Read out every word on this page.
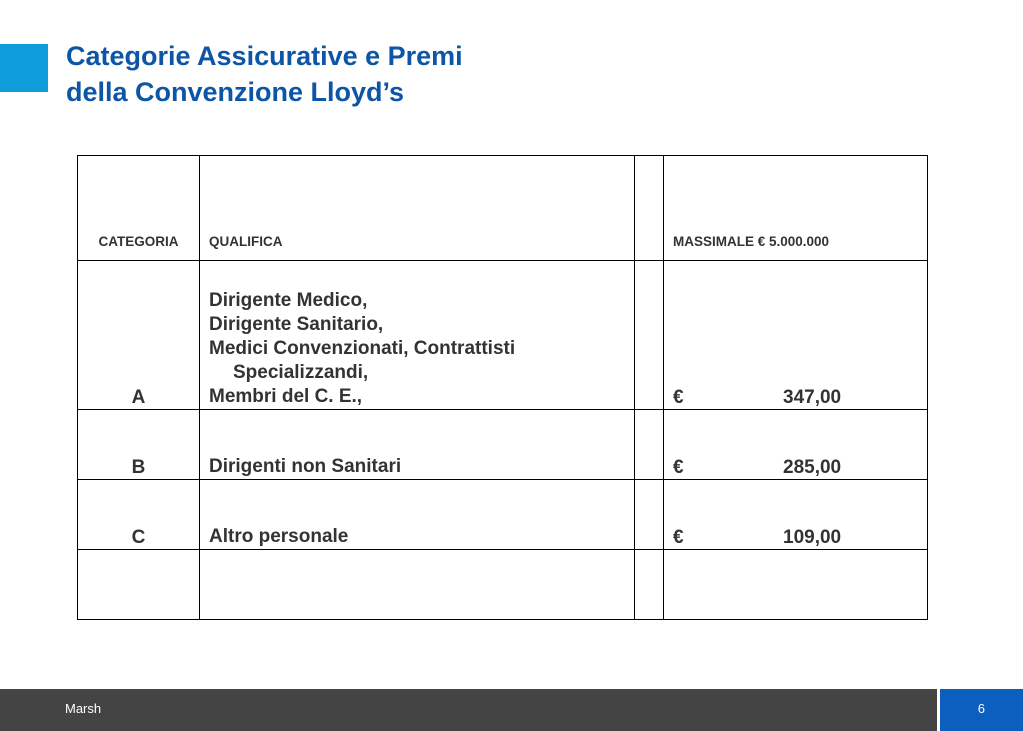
Categorie Assicurative e Premi
della Convenzione Lloyd’s
CATEGORIA	QUALIFICA		MASSIMALE € 5.000.000
A	Dirigente Medico,
Dirigente Sanitario,
Medici Convenzionati, Contrattisti
Specializzandi,
Membri del C. E.,		€ 347,00
B	Dirigenti non Sanitari		€ 285,00
C	Altro personale		€ 109,00

Marsh	6
